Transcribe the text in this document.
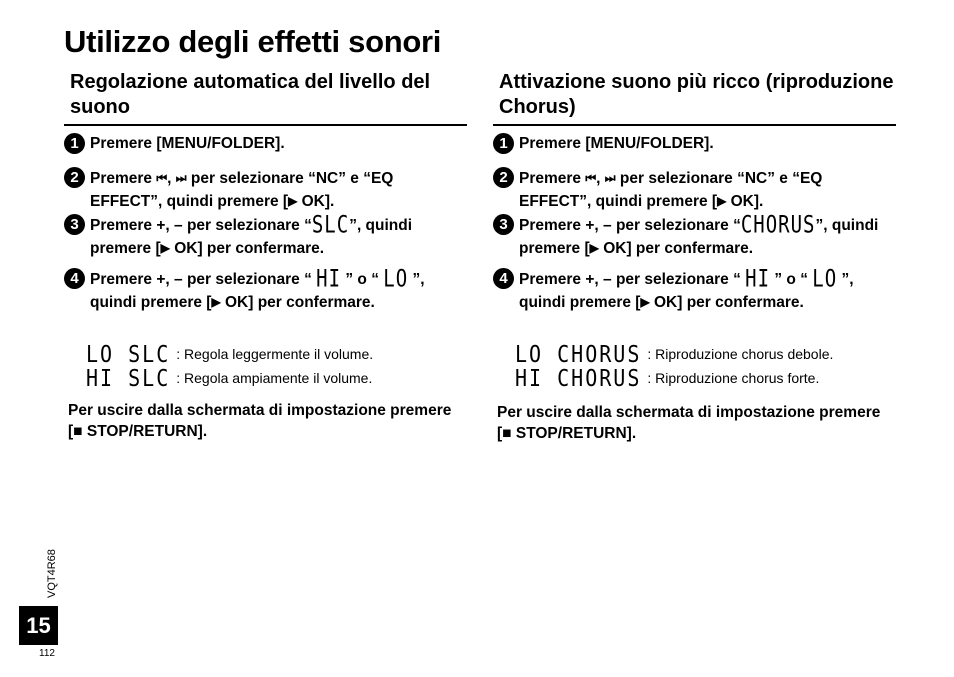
Utilizzo degli effetti sonori
Regolazione automatica del livello del suono
1 Premere [MENU/FOLDER].
2 Premere ⏮, ⏭ per selezionare “NC” e “EQ EFFECT”, quindi premere [▶ OK].
3 Premere +, – per selezionare “SLC”, quindi premere [▶ OK] per confermare.
4 Premere +, – per selezionare “ HI ” o “ LO ”, quindi premere [▶ OK] per confermare.
LO SLC : Regola leggermente il volume.
HI SLC : Regola ampiamente il volume.
Per uscire dalla schermata di impostazione premere [■ STOP/RETURN].
Attivazione suono più ricco (riproduzione Chorus)
1 Premere [MENU/FOLDER].
2 Premere ⏮, ⏭ per selezionare “NC” e “EQ EFFECT”, quindi premere [▶ OK].
3 Premere +, – per selezionare “CHORUS”, quindi premere [▶ OK] per confermare.
4 Premere +, – per selezionare “ HI ” o “ LO ”, quindi premere [▶ OK] per confermare.
LO CHORUS : Riproduzione chorus debole.
HI CHORUS : Riproduzione chorus forte.
Per uscire dalla schermata di impostazione premere [■ STOP/RETURN].
VQT4R68
15
112
